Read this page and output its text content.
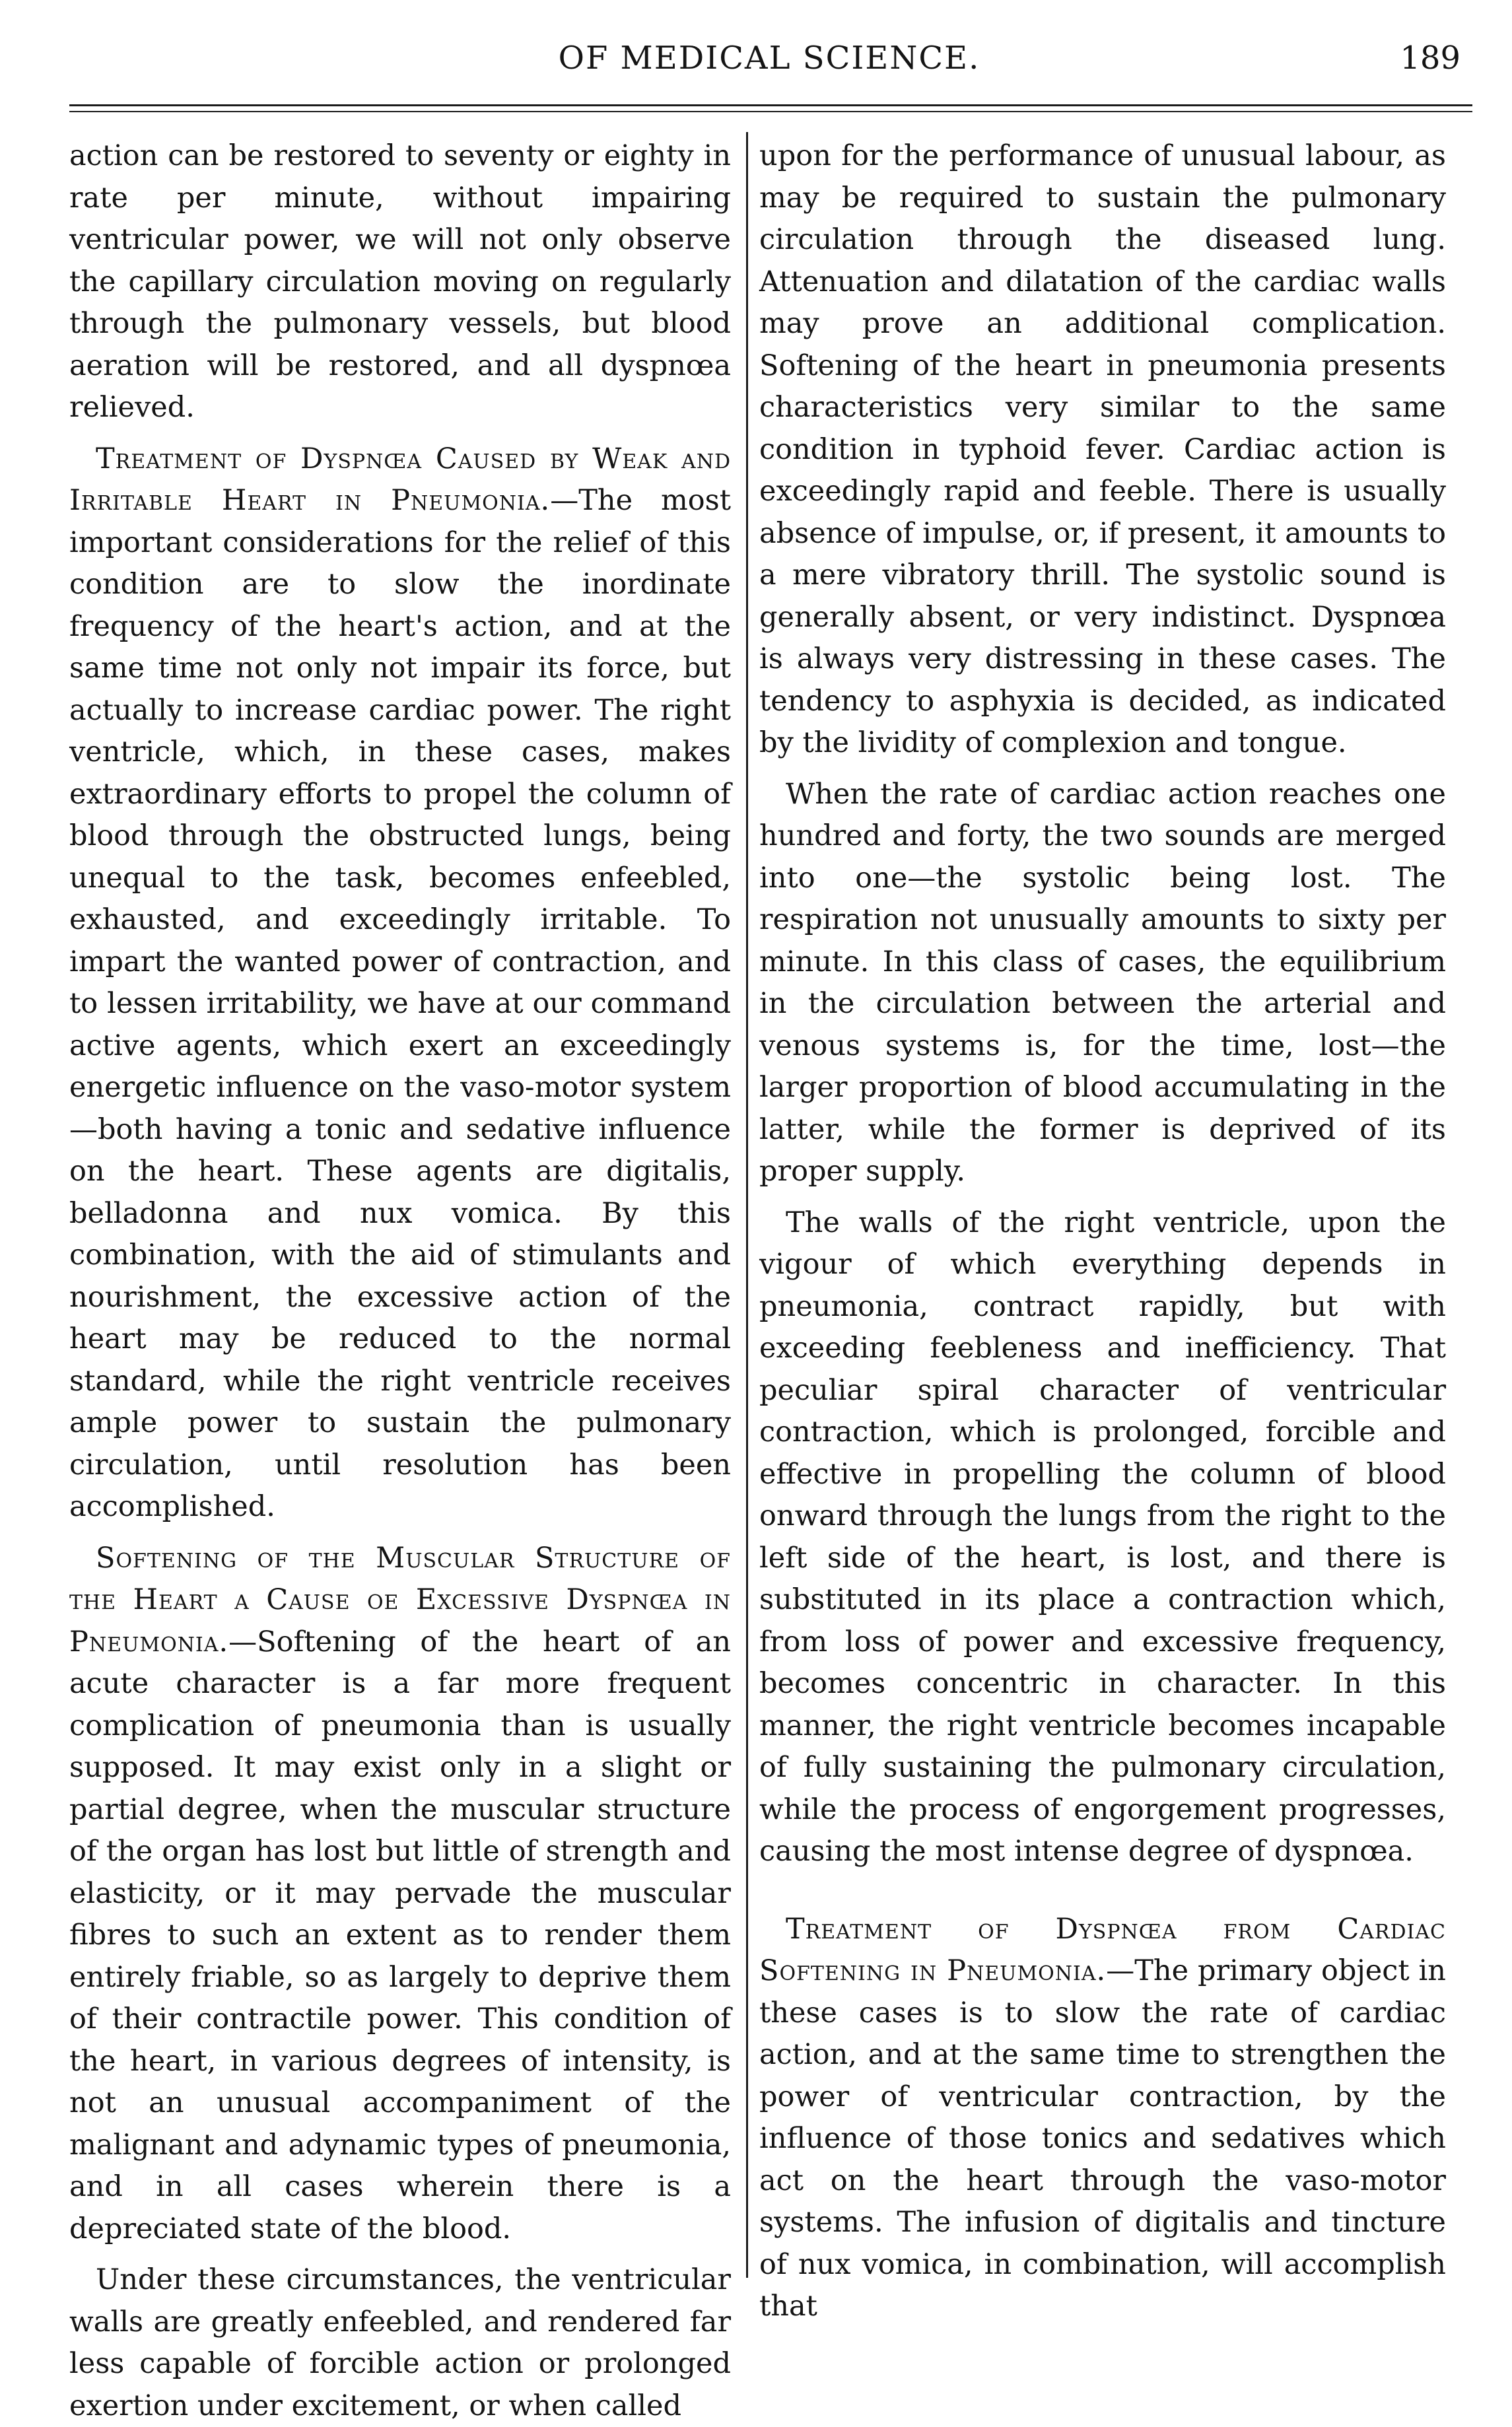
OF MEDICAL SCIENCE.	189

action can be restored to seventy or eighty in rate per minute, without impairing ventricular power, we will not only observe the capillary circulation moving on regularly through the pulmonary vessels, but blood aeration will be restored, and all dyspnœa relieved.

Treatment of Dyspnœa Caused by Weak and Irritable Heart in Pneumonia.—The most important considerations for the relief of this condition are to slow the inordinate frequency of the heart's action, and at the same time not only not impair its force, but actually to increase cardiac power. The right ventricle, which, in these cases, makes extraordinary efforts to propel the column of blood through the obstructed lungs, being unequal to the task, becomes enfeebled, exhausted, and exceedingly irritable. To impart the wanted power of contraction, and to lessen irritability, we have at our command active agents, which exert an exceedingly energetic influence on the vaso-motor system—both having a tonic and sedative influence on the heart. These agents are digitalis, belladonna and nux vomica. By this combination, with the aid of stimulants and nourishment, the excessive action of the heart may be reduced to the normal standard, while the right ventricle receives ample power to sustain the pulmonary circulation, until resolution has been accomplished.

Softening of the Muscular Structure of the Heart a Cause oe Excessive Dyspnœa in Pneumonia.—Softening of the heart of an acute character is a far more frequent complication of pneumonia than is usually supposed. It may exist only in a slight or partial degree, when the muscular structure of the organ has lost but little of strength and elasticity, or it may pervade the muscular fibres to such an extent as to render them entirely friable, so as largely to deprive them of their contractile power. This condition of the heart, in various degrees of intensity, is not an unusual accompaniment of the malignant and adynamic types of pneumonia, and in all cases wherein there is a depreciated state of the blood.

Under these circumstances, the ventricular walls are greatly enfeebled, and rendered far less capable of forcible action or prolonged exertion under excitement, or when called

upon for the performance of unusual labour, as may be required to sustain the pulmonary circulation through the diseased lung. Attenuation and dilatation of the cardiac walls may prove an additional complication. Softening of the heart in pneumonia presents characteristics very similar to the same condition in typhoid fever. Cardiac action is exceedingly rapid and feeble. There is usually absence of impulse, or, if present, it amounts to a mere vibratory thrill. The systolic sound is generally absent, or very indistinct. Dyspnœa is always very distressing in these cases. The tendency to asphyxia is decided, as indicated by the lividity of complexion and tongue.

When the rate of cardiac action reaches one hundred and forty, the two sounds are merged into one—the systolic being lost. The respiration not unusually amounts to sixty per minute. In this class of cases, the equilibrium in the circulation between the arterial and venous systems is, for the time, lost—the larger proportion of blood accumulating in the latter, while the former is deprived of its proper supply.

The walls of the right ventricle, upon the vigour of which everything depends in pneumonia, contract rapidly, but with exceeding feebleness and inefficiency. That peculiar spiral character of ventricular contraction, which is prolonged, forcible and effective in propelling the column of blood onward through the lungs from the right to the left side of the heart, is lost, and there is substituted in its place a contraction which, from loss of power and excessive frequency, becomes concentric in character. In this manner, the right ventricle becomes incapable of fully sustaining the pulmonary circulation, while the process of engorgement progresses, causing the most intense degree of dyspnœa.

Treatment of Dyspnœa from Cardiac Softening in Pneumonia.—The primary object in these cases is to slow the rate of cardiac action, and at the same time to strengthen the power of ventricular contraction, by the influence of those tonics and sedatives which act on the heart through the vaso-motor systems. The infusion of digitalis and tincture of nux vomica, in combination, will accomplish that
